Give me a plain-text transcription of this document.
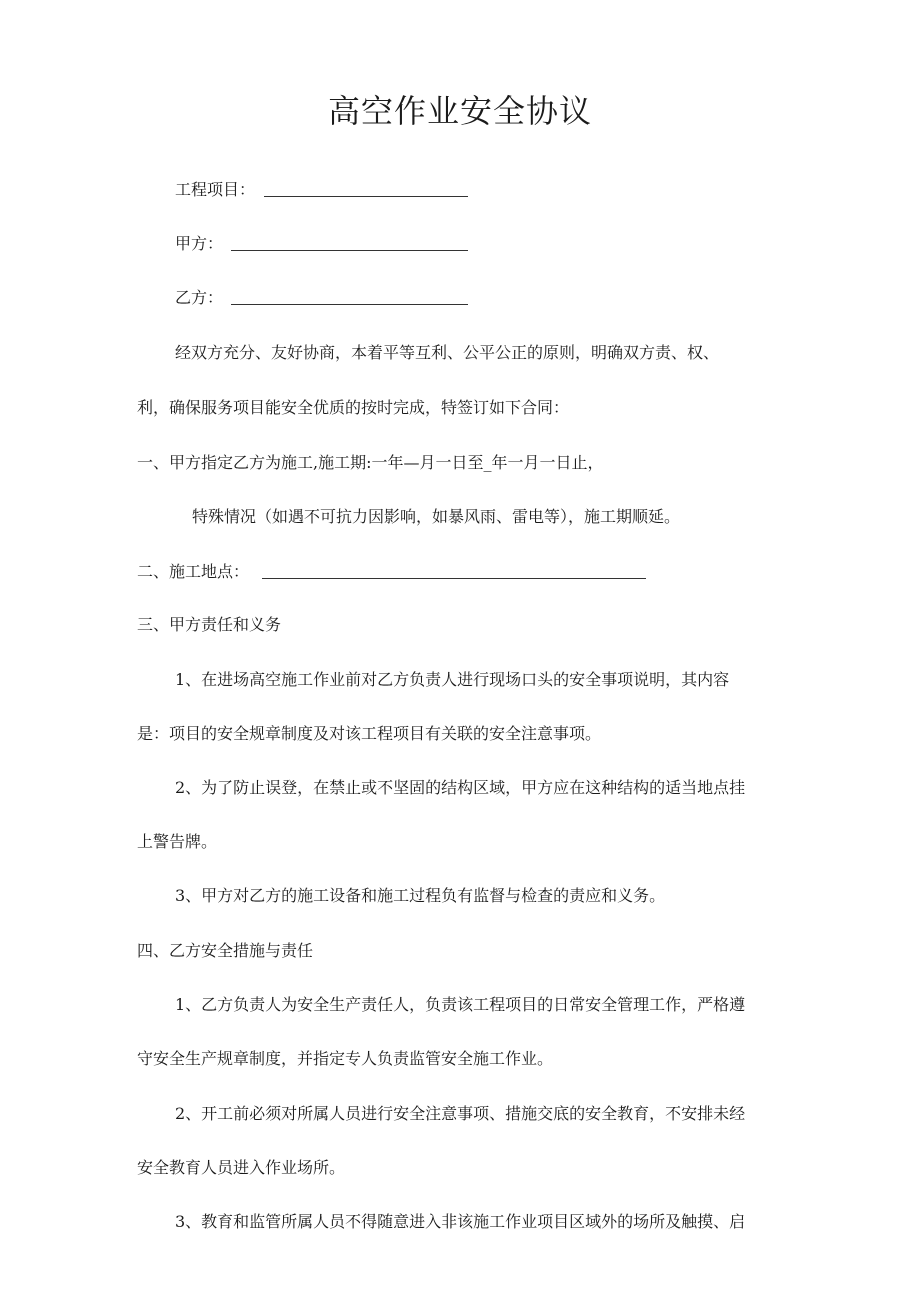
高空作业安全协议
工程项目：
甲方：
乙方：
经双方充分、友好协商，本着平等互利、公平公正的原则，明确双方责、权、
利，确保服务项目能安全优质的按时完成，特签订如下合同：
一、甲方指定乙方为施工,施工期:一年—月一日至_年一月一日止，
特殊情况（如遇不可抗力因影响，如暴风雨、雷电等），施工期顺延。
二、施工地点：
三、甲方责任和义务
1、在进场高空施工作业前对乙方负责人进行现场口头的安全事项说明，其内容
是：项目的安全规章制度及对该工程项目有关联的安全注意事项。
2、为了防止误登，在禁止或不坚固的结构区域，甲方应在这种结构的适当地点挂
上警告牌。
3、甲方对乙方的施工设备和施工过程负有监督与检查的责应和义务。
四、乙方安全措施与责任
1、乙方负责人为安全生产责任人，负责该工程项目的日常安全管理工作，严格遵
守安全生产规章制度，并指定专人负责监管安全施工作业。
2、开工前必须对所属人员进行安全注意事项、措施交底的安全教育，不安排未经
安全教育人员进入作业场所。
3、教育和监管所属人员不得随意进入非该施工作业项目区域外的场所及触摸、启
